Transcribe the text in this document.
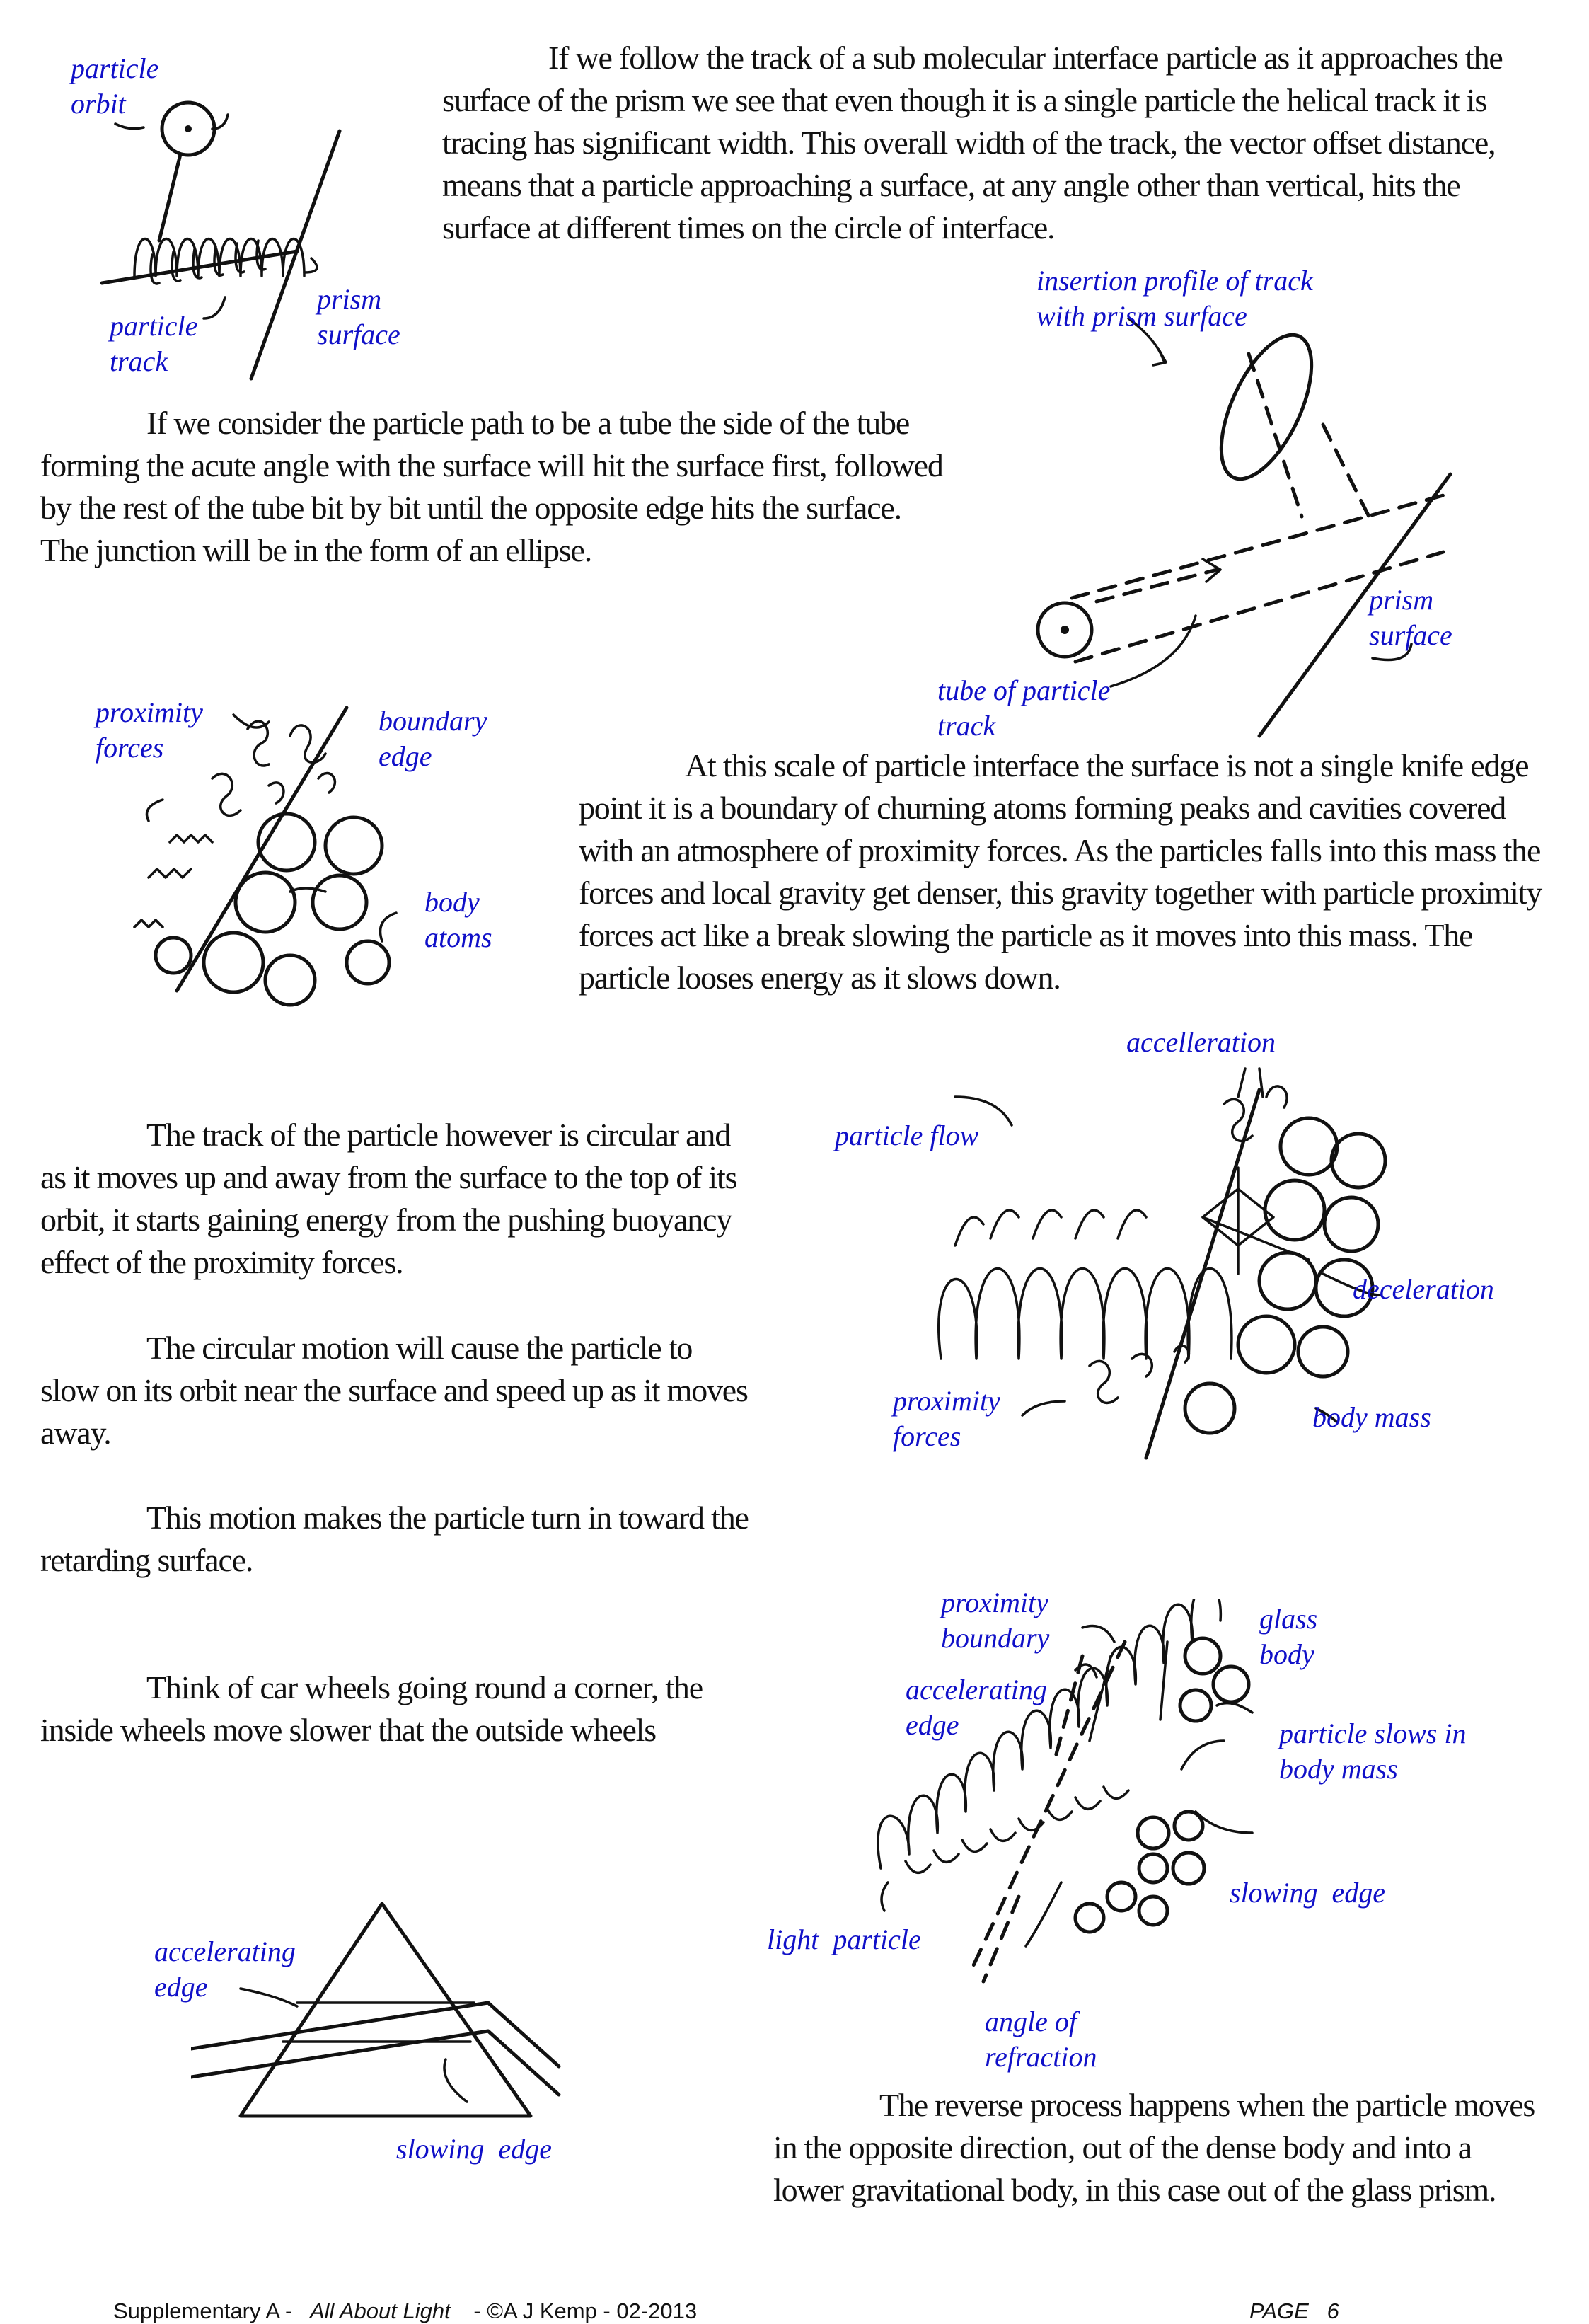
If we follow the track of a sub molecular interface particle as it approaches the surface of the prism we see that even though it is a single particle the helical track it is tracing has significant width. This overall width of the track, the vector offset distance, means that a particle approaching a surface, at any angle other than vertical, hits the surface at different times on the circle of interface.
If we consider the particle path to be a tube the side of the tube forming the acute angle with the surface will hit the surface first, followed by the rest of the tube bit by bit until the opposite edge hits the surface. The junction will be in the form of an ellipse.
At this scale of particle interface the surface is not a single knife edge point it is a boundary of churning atoms forming peaks and cavities covered with an atmosphere of proximity forces. As the particles falls into this mass the forces and local gravity get denser, this gravity together with particle proximity forces act like a break slowing the particle as it moves into this mass. The particle looses energy as it slows down.
The track of the particle however is circular and as it moves up and away from the surface to the top of its orbit, it starts gaining energy from the pushing buoyancy effect of the proximity forces.
The circular motion will cause the particle to slow on its orbit near the surface and speed up as it moves away.
This motion makes the particle turn in toward the retarding surface.
Think of car wheels going round a corner, the inside wheels move slower that the outside wheels
The reverse process happens when the particle moves in the opposite direction, out of the dense body and into a lower gravitational body, in this case out of the glass prism.
particle
orbit
particle
track
prism
surface
insertion profile of track
with prism surface
prism
surface
tube of particle
track
proximity
forces
boundary
edge
body
atoms
accelleration
particle flow
deceleration
proximity
forces
body mass
proximity
boundary
glass
body
accelerating
edge	particle slows in
body mass
slowing  edge
light  particle
angle of
refraction
accelerating
edge
slowing  edge
Supplementary A - All About Light - ©A J Kemp - 02-2013	PAGE   6
